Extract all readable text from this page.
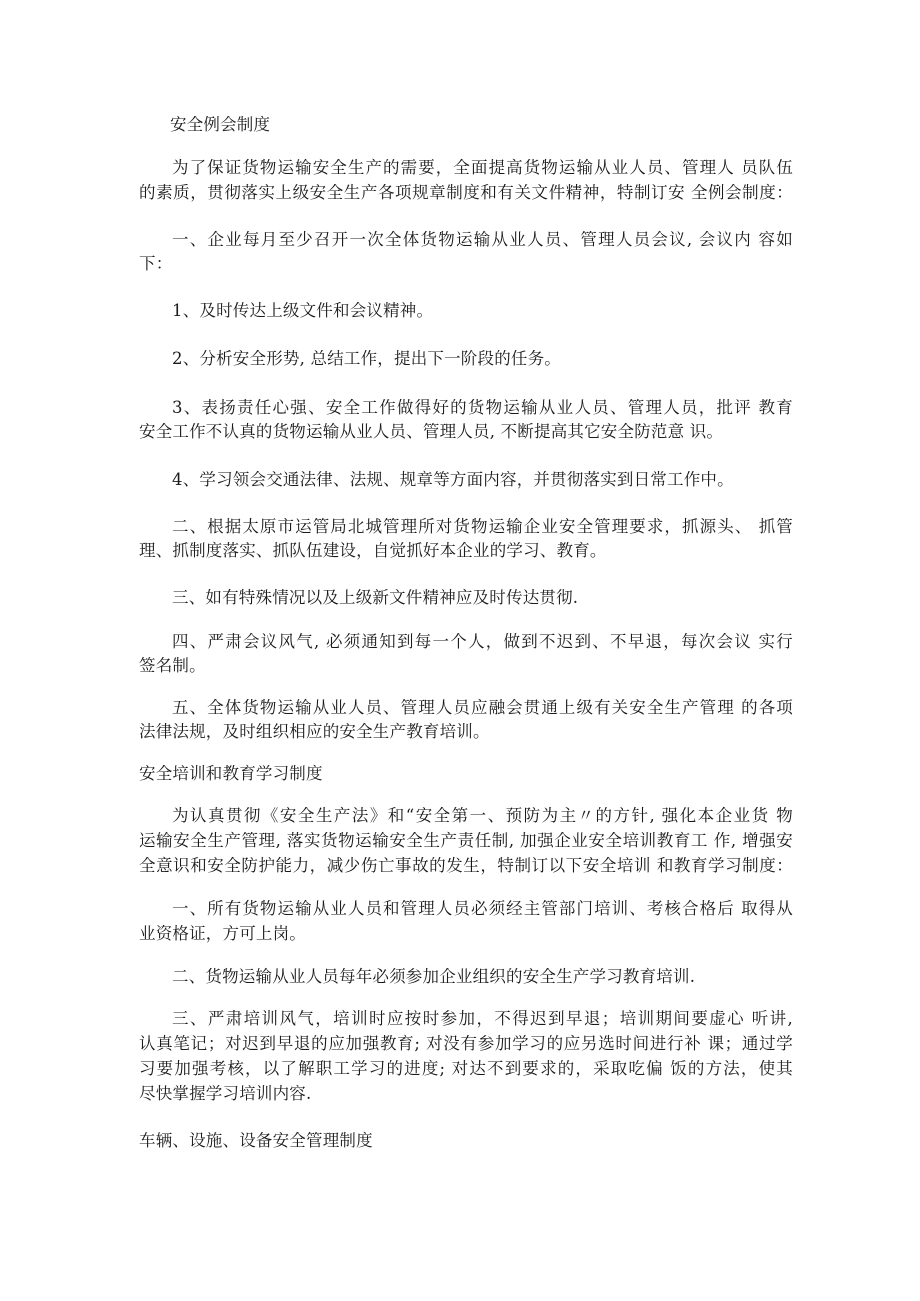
安全例会制度
为了保证货物运输安全生产的需要，全面提高货物运输从业人员、管理人 员队伍
的素质，贯彻落实上级安全生产各项规章制度和有关文件精神，特制订安 全例会制度：
一、企业每月至少召开一次全体货物运输从业人员、管理人员会议, 会议内 容如
下：
1、及时传达上级文件和会议精神。
2、分析安全形势, 总结工作，提出下一阶段的任务。
3、表扬责任心强、安全工作做得好的货物运输从业人员、管理人员，批评 教育
安全工作不认真的货物运输从业人员、管理人员, 不断提高其它安全防范意 识。
4、学习领会交通法律、法规、规章等方面内容，并贯彻落实到日常工作中。
二、根据太原市运管局北城管理所对货物运输企业安全管理要求，抓源头、 抓管
理、抓制度落实、抓队伍建设，自觉抓好本企业的学习、教育。
三、如有特殊情况以及上级新文件精神应及时传达贯彻.
四、严肃会议风气, 必须通知到每一个人，做到不迟到、不早退，每次会议 实行
签名制。
五、全体货物运输从业人员、管理人员应融会贯通上级有关安全生产管理 的各项
法律法规，及时组织相应的安全生产教育培训。
安全培训和教育学习制度
为认真贯彻《安全生产法》和“安全第一、预防为主〃的方针, 强化本企业货 物
运输安全生产管理, 落实货物运输安全生产责任制, 加强企业安全培训教育工 作, 增强安
全意识和安全防护能力，减少伤亡事故的发生，特制订以下安全培训 和教育学习制度：
一、所有货物运输从业人员和管理人员必须经主管部门培训、考核合格后 取得从
业资格证，方可上岗。
二、货物运输从业人员每年必须参加企业组织的安全生产学习教育培训.
三、严肃培训风气，培训时应按时参加，不得迟到早退；培训期间要虚心 听讲,
认真笔记；对迟到早退的应加强教育; 对没有参加学习的应另选时间进行补 课；通过学
习要加强考核，以了解职工学习的进度; 对达不到要求的，采取吃偏 饭的方法，使其
尽快掌握学习培训内容.
车辆、设施、设备安全管理制度
